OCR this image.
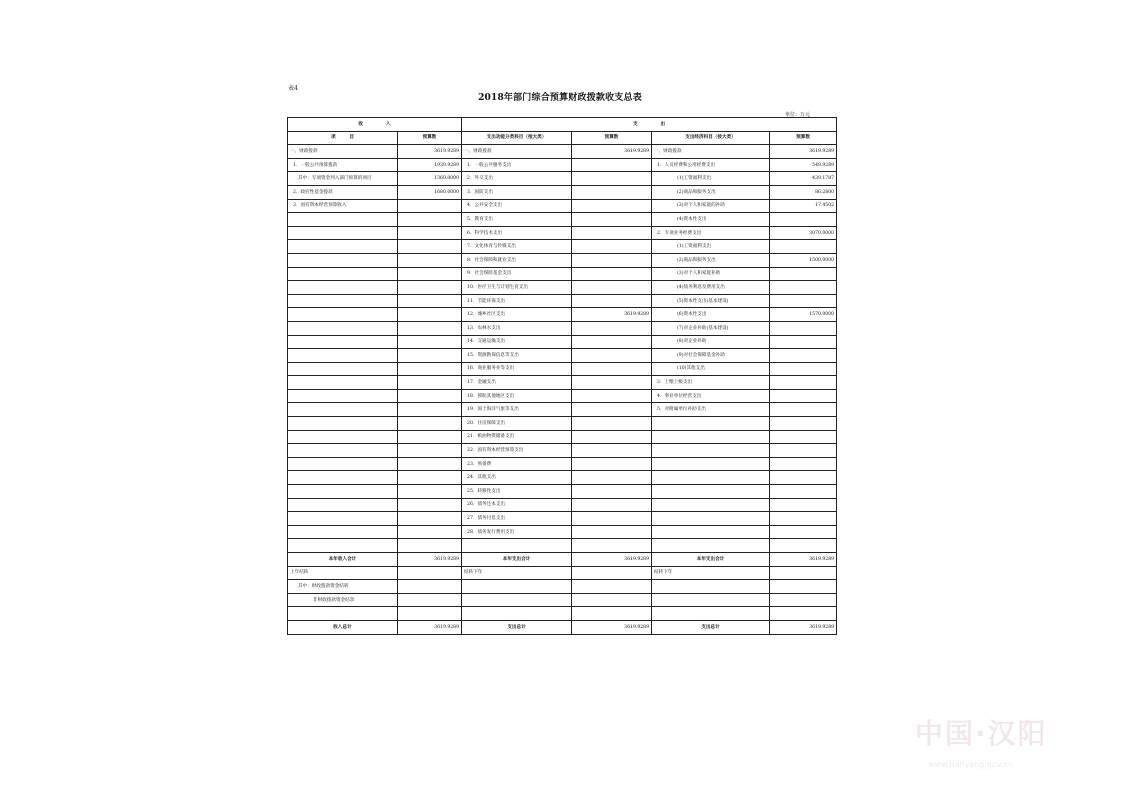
表4
2018年部门综合预算财政拨款收支总表
单位：万元
收　　　　　入		支　　　　　出			
项　　　目	预算数	支出功能分类科目（按大类）	预算数	支出经济科目（按大类）	预算数
一、财政拨款	3619.9289	一、财政拨款	3619.9289	一、财政拨款	3619.9289
1．一般公共预算拨款	1939.9289	1．一般公共服务支出		1．人员经费和公用经费支出	549.9289
其中：专项资金列入部门预算的项目	1360.0000	2．外交支出		(1)工资福利支出	439.1787
2．政府性基金拨款	1680.0000	3．国防支出		(2)商品和服务支出	86.2800
3．国有资本经营预算收入		4．公共安全支出		(3)对个人和家庭的补助	17.4502
		5．教育支出		(4)资本性支出	
		6．科学技术支出		2．专项业务经费支出	3070.0000
		7．文化体育与传媒支出		(1)工资福利支出	
		8．社会保障和就业支出		(2)商品和服务支出	1500.0000
		9．社会保险基金支出		(3)对个人和家庭补助	
		10．医疗卫生与计划生育支出		(4)债务利息及费用支出	
		11．节能环保支出		(5)资本性支出(基本建设)	
		12．城乡社区支出	3619.9289	(6)资本性支出	1570.0000
		13．农林水支出		(7)对企业补助(基本建设)	
		14．交通运输支出		(8)对企业补助	
		15．资源勘探信息等支出		(9)对社会保障基金补助	
		16．商业服务业等支出		(10)其他支出	
		17．金融支出		3．上缴上级支出	
		18．援助其他地区支出		4．事业单位经营支出	
		19．国土海洋气象等支出		5．对附属单位补助支出	
		20．住房保障支出			
		21．粮油物资储备支出			
		22．国有资本经营预算支出			
		23．预备费			
		24．其他支出			
		25．转移性支出			
		26．债务还本支出			
		27．债务付息支出			
		28．债务发行费用支出			

本年收入合计	3619.9289	本年支出合计	3619.9289	本年支出合计	3619.9289
上年结转		结转下年		结转下年	
其中：财政拨款资金结转					
非财政拨款资金结余					

收入总计	3619.9289	支出总计	3619.9289	支出总计	3619.9289
中国·汉阳
www.hanyang.gov.cn
